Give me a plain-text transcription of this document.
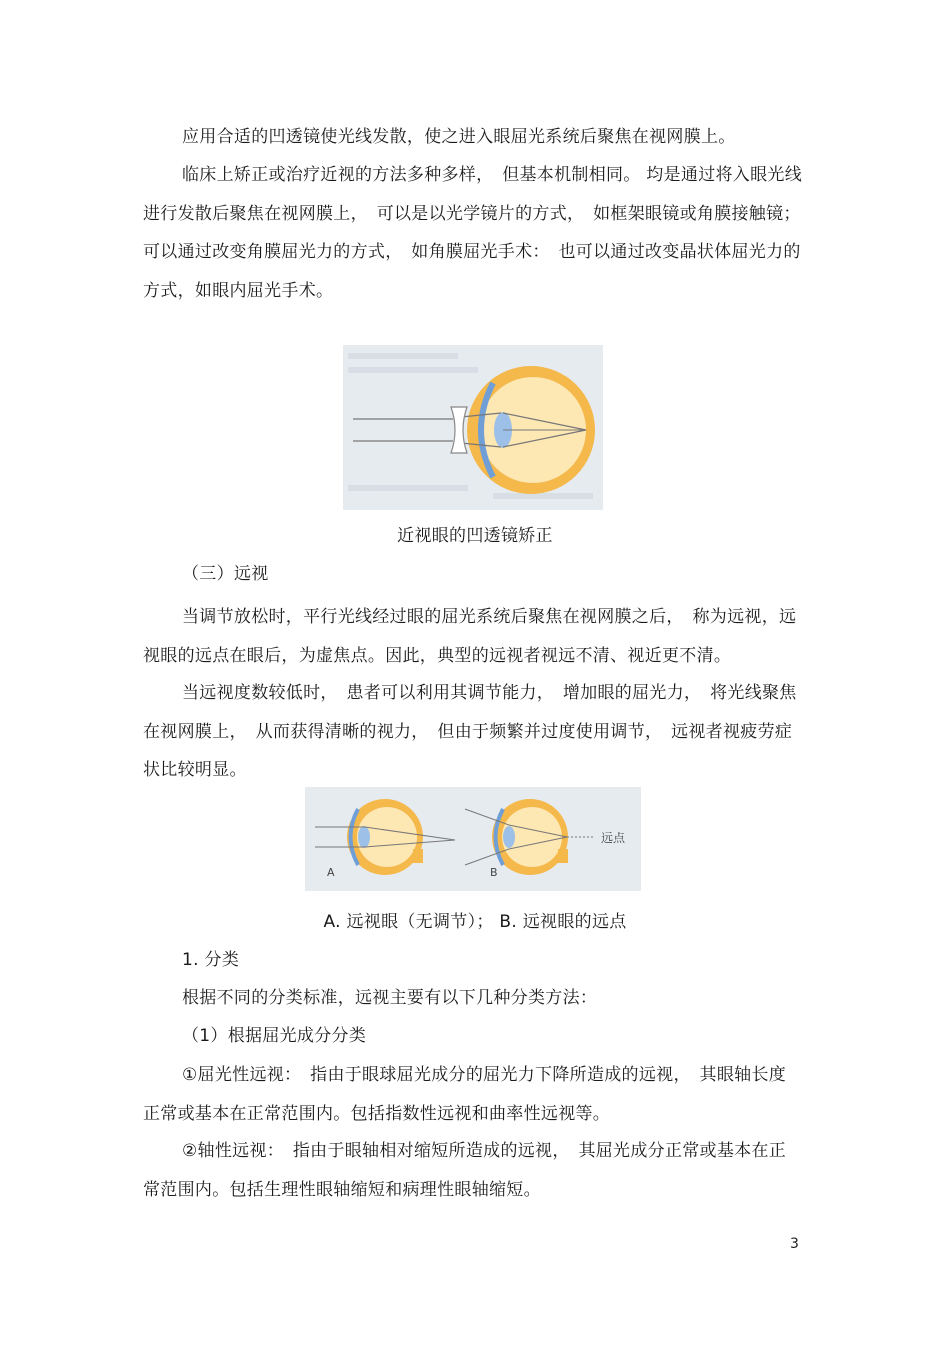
应用合适的凹透镜使光线发散，使之进入眼屈光系统后聚焦在视网膜上。

临床上矫正或治疗近视的方法多种多样，　但基本机制相同。 均是通过将入眼光线进行发散后聚焦在视网膜上，　可以是以光学镜片的方式，　如框架眼镜或角膜接触镜；可以通过改变角膜屈光力的方式，　如角膜屈光手术：　也可以通过改变晶状体屈光力的方式，如眼内屈光手术。

近视眼的凹透镜矫正

（三）远视

当调节放松时，平行光线经过眼的屈光系统后聚焦在视网膜之后，　称为远视，远视眼的远点在眼后，为虚焦点。因此，典型的远视者视远不清、视近更不清。

当远视度数较低时，　患者可以利用其调节能力，　增加眼的屈光力，　将光线聚焦在视网膜上，　从而获得清晰的视力，　但由于频繁并过度使用调节，　远视者视疲劳症状比较明显。

A	B
远点
A. 远视眼（无调节）； B. 远视眼的远点

1. 分类

根据不同的分类标准，远视主要有以下几种分类方法：

（1）根据屈光成分分类

①屈光性远视：　指由于眼球屈光成分的屈光力下降所造成的远视，　其眼轴长度正常或基本在正常范围内。包括指数性远视和曲率性远视等。

②轴性远视：　指由于眼轴相对缩短所造成的远视，　其屈光成分正常或基本在正常范围内。包括生理性眼轴缩短和病理性眼轴缩短。

3
